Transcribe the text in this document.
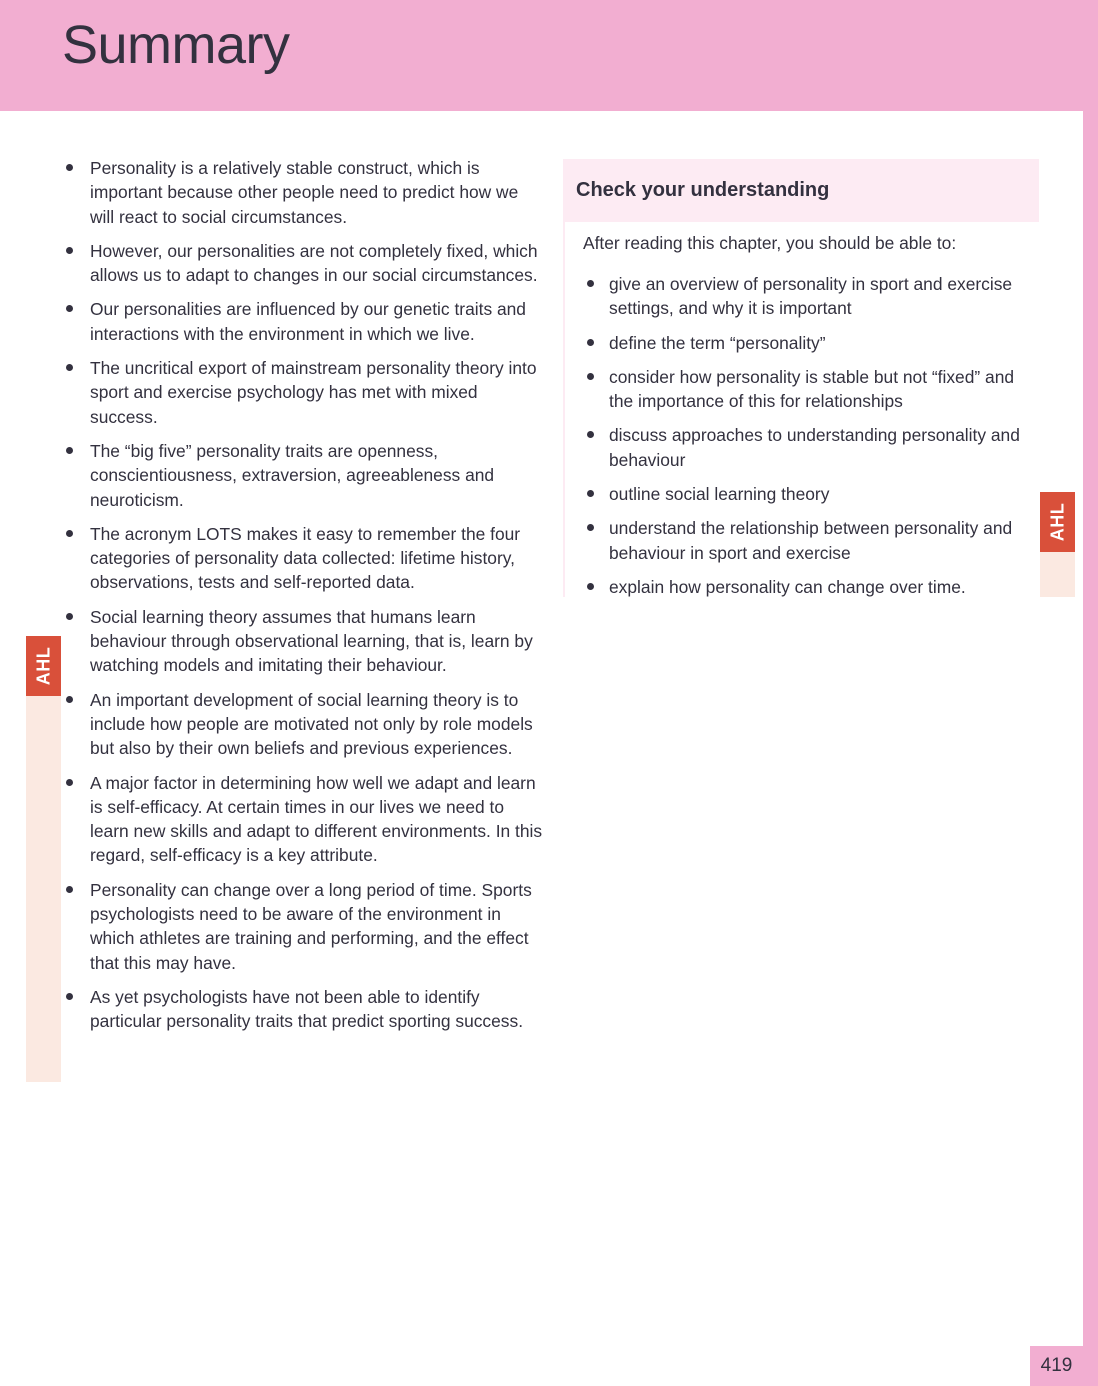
Summary
AHL
AHL
Personality is a relatively stable construct, which is important because other people need to predict how we will react to social circumstances.
However, our personalities are not completely fixed, which allows us to adapt to changes in our social circumstances.
Our personalities are influenced by our genetic traits and interactions with the environment in which we live.
The uncritical export of mainstream personality theory into sport and exercise psychology has met with mixed success.
The “big five” personality traits are openness, conscientiousness, extraversion, agreeableness and neuroticism.
The acronym LOTS makes it easy to remember the four categories of personality data collected: lifetime history, observations, tests and self-reported data.
Social learning theory assumes that humans learn behaviour through observational learning, that is, learn by watching models and imitating their behaviour.
An important development of social learning theory is to include how people are motivated not only by role models but also by their own beliefs and previous experiences.
A major factor in determining how well we adapt and learn is self-efficacy. At certain times in our lives we need to learn new skills and adapt to different environments. In this regard, self-efficacy is a key attribute.
Personality can change over a long period of time. Sports psychologists need to be aware of the environment in which athletes are training and performing, and the effect that this may have.
As yet psychologists have not been able to identify particular personality traits that predict sporting success.
Check your understanding

After reading this chapter, you should be able to:

give an overview of personality in sport and exercise settings, and why it is important
define the term “personality”
consider how personality is stable but not “fixed” and the importance of this for relationships
discuss approaches to understanding personality and behaviour
outline social learning theory
understand the relationship between personality and behaviour in sport and exercise
explain how personality can change over time.
419
